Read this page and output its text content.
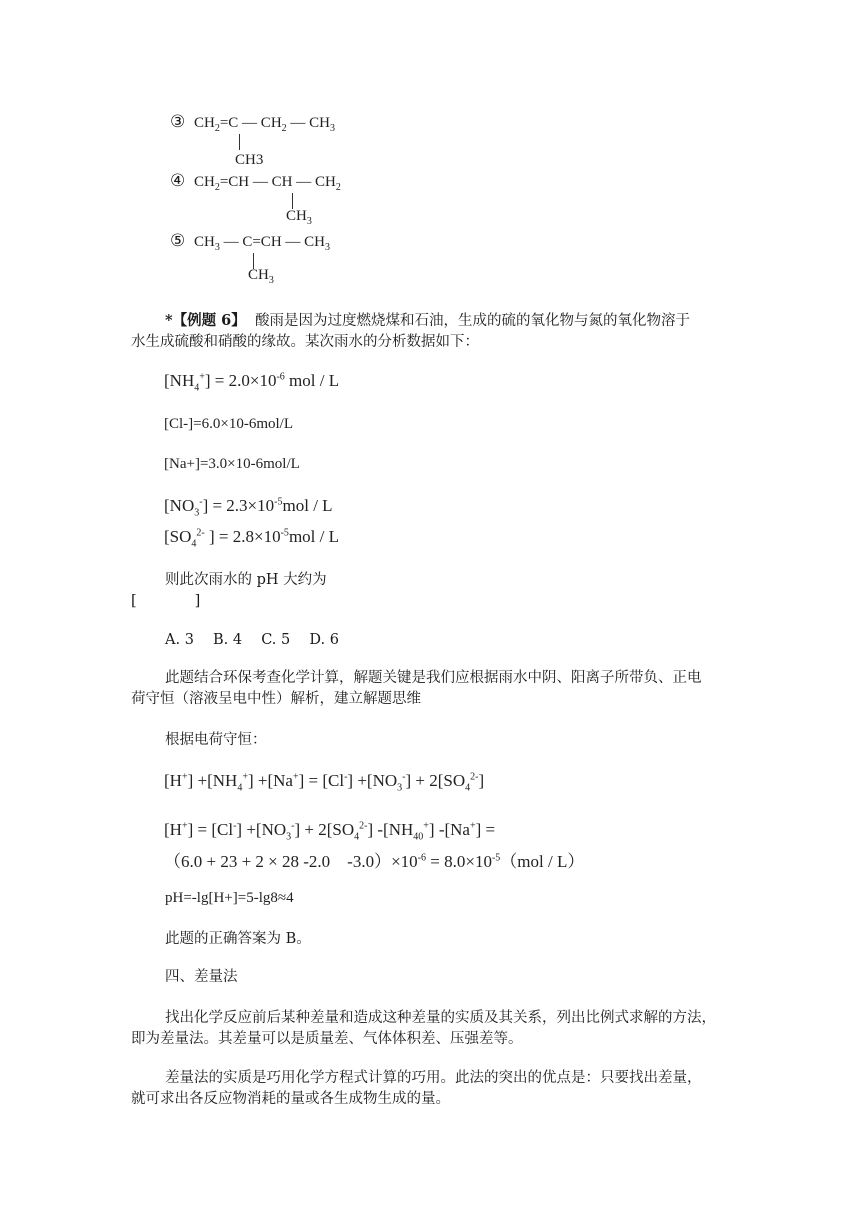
③ $CH_2=C$ — $CH_2$ — $CH_3$
CH3
④ $CH_2=CH$ — CH — $CH_2$
$CH_3$
⑤ $CH_3$ — C=CH — $CH_3$
$CH_3$
*【例题 6】 酸雨是因为过度燃烧煤和石油，生成的硫的氧化物与氮的氧化物溶于
水生成硫酸和硝酸的缘故。某次雨水的分析数据如下：
$[NH_4^+] = 2.0\times 10^{-6}$ mol / L
[Cl-]=6.0×10-6mol/L
[Na+]=3.0×10-6mol/L
$[NO_3^-] = 2.3\times 10^{-5}mol / L$
[$SO_4^{2-}$ ] = $2.8\times 10^{-5}mol / L$
则此次雨水的 pH 大约为
[　　　　]
A. 3　 B. 4　 C. 5　 D. 6
此题结合环保考查化学计算，解题关键是我们应根据雨水中阴、阳离子所带负、正电
荷守恒（溶液呈电中性）解析，建立解题思维
根据电荷守恒：
$[H^+] +[NH_4^+] +[Na^+] = [Cl^-] +[NO_3^-] + 2[SO_4^{2-}]$
$[H^+] = [Cl^-] +[NO_3^-] + 2[SO_4^{2-}]$ $-[NH_{40}^+] -[Na^+]$ =
（6.0 + 23 + 2 × 28 -2.0　$-3.0)\times 10^{-6} = 8.0\times 10^{-5}(mol / L)$
pH=-lg[H+]=5-lg8≈4
此题的正确答案为 B。
四、差量法
找出化学反应前后某种差量和造成这种差量的实质及其关系，列出比例式求解的方法，
即为差量法。其差量可以是质量差、气体体积差、压强差等。
差量法的实质是巧用化学方程式计算的巧用。此法的突出的优点是：只要找出差量，
就可求出各反应物消耗的量或各生成物生成的量。
